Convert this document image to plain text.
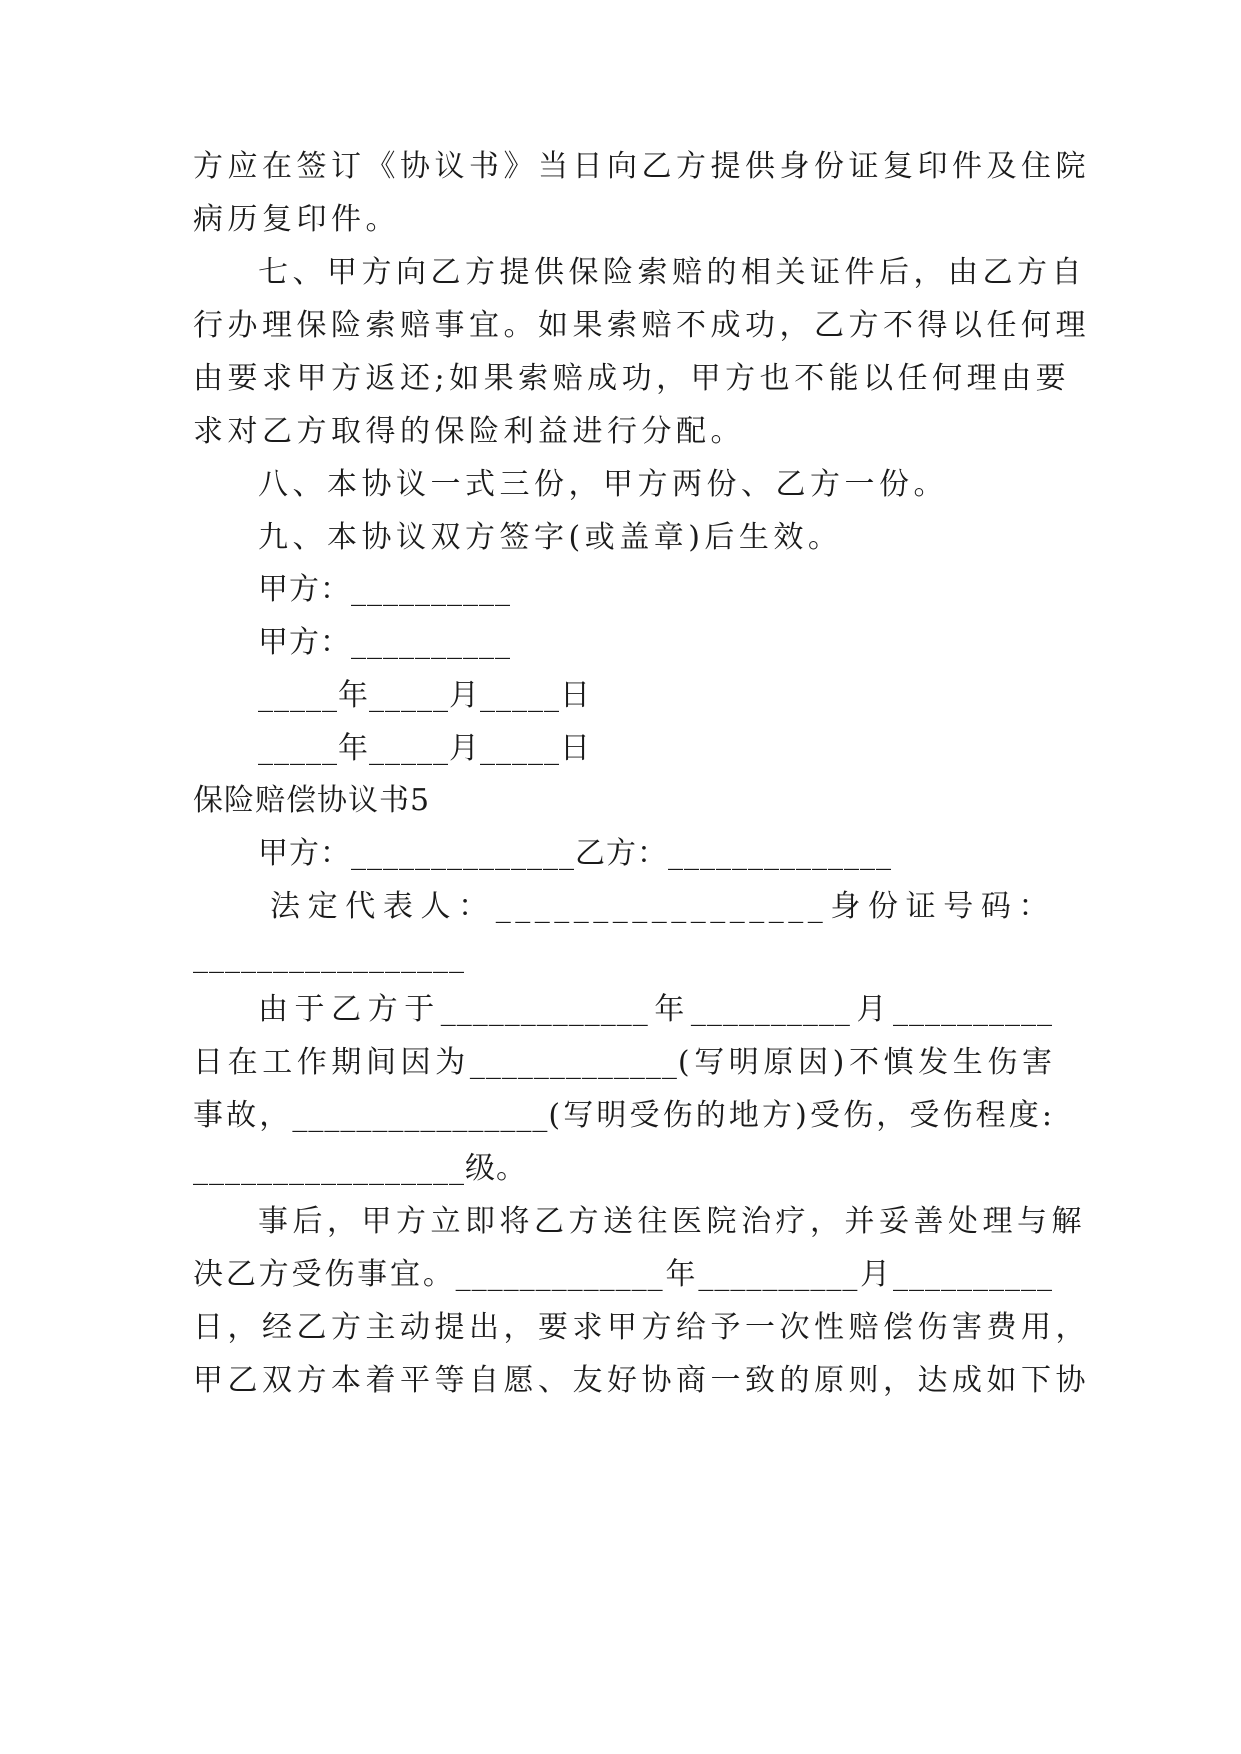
方应在签订《协议书》当日向乙方提供身份证复印件及住院
病历复印件。
七、甲方向乙方提供保险索赔的相关证件后，由乙方自
行办理保险索赔事宜。如果索赔不成功，乙方不得以任何理
由要求甲方返还;如果索赔成功，甲方也不能以任何理由要
求对乙方取得的保险利益进行分配。
八、本协议一式三份，甲方两份、乙方一份。
九、本协议双方签字(或盖章)后生效。
甲方：__________
甲方：__________
_____年_____月_____日
_____年_____月_____日
保险赔偿协议书5
甲方：______________乙方：______________
法定代表人：_________________身份证号码：
_________________
由于乙方于_____________年__________月__________
日在工作期间因为_____________(写明原因)不慎发生伤害
事故，________________(写明受伤的地方)受伤，受伤程度:
_________________级。
事后，甲方立即将乙方送往医院治疗，并妥善处理与解
决乙方受伤事宜。_____________年__________月__________
日，经乙方主动提出，要求甲方给予一次性赔偿伤害费用，
甲乙双方本着平等自愿、友好协商一致的原则，达成如下协
